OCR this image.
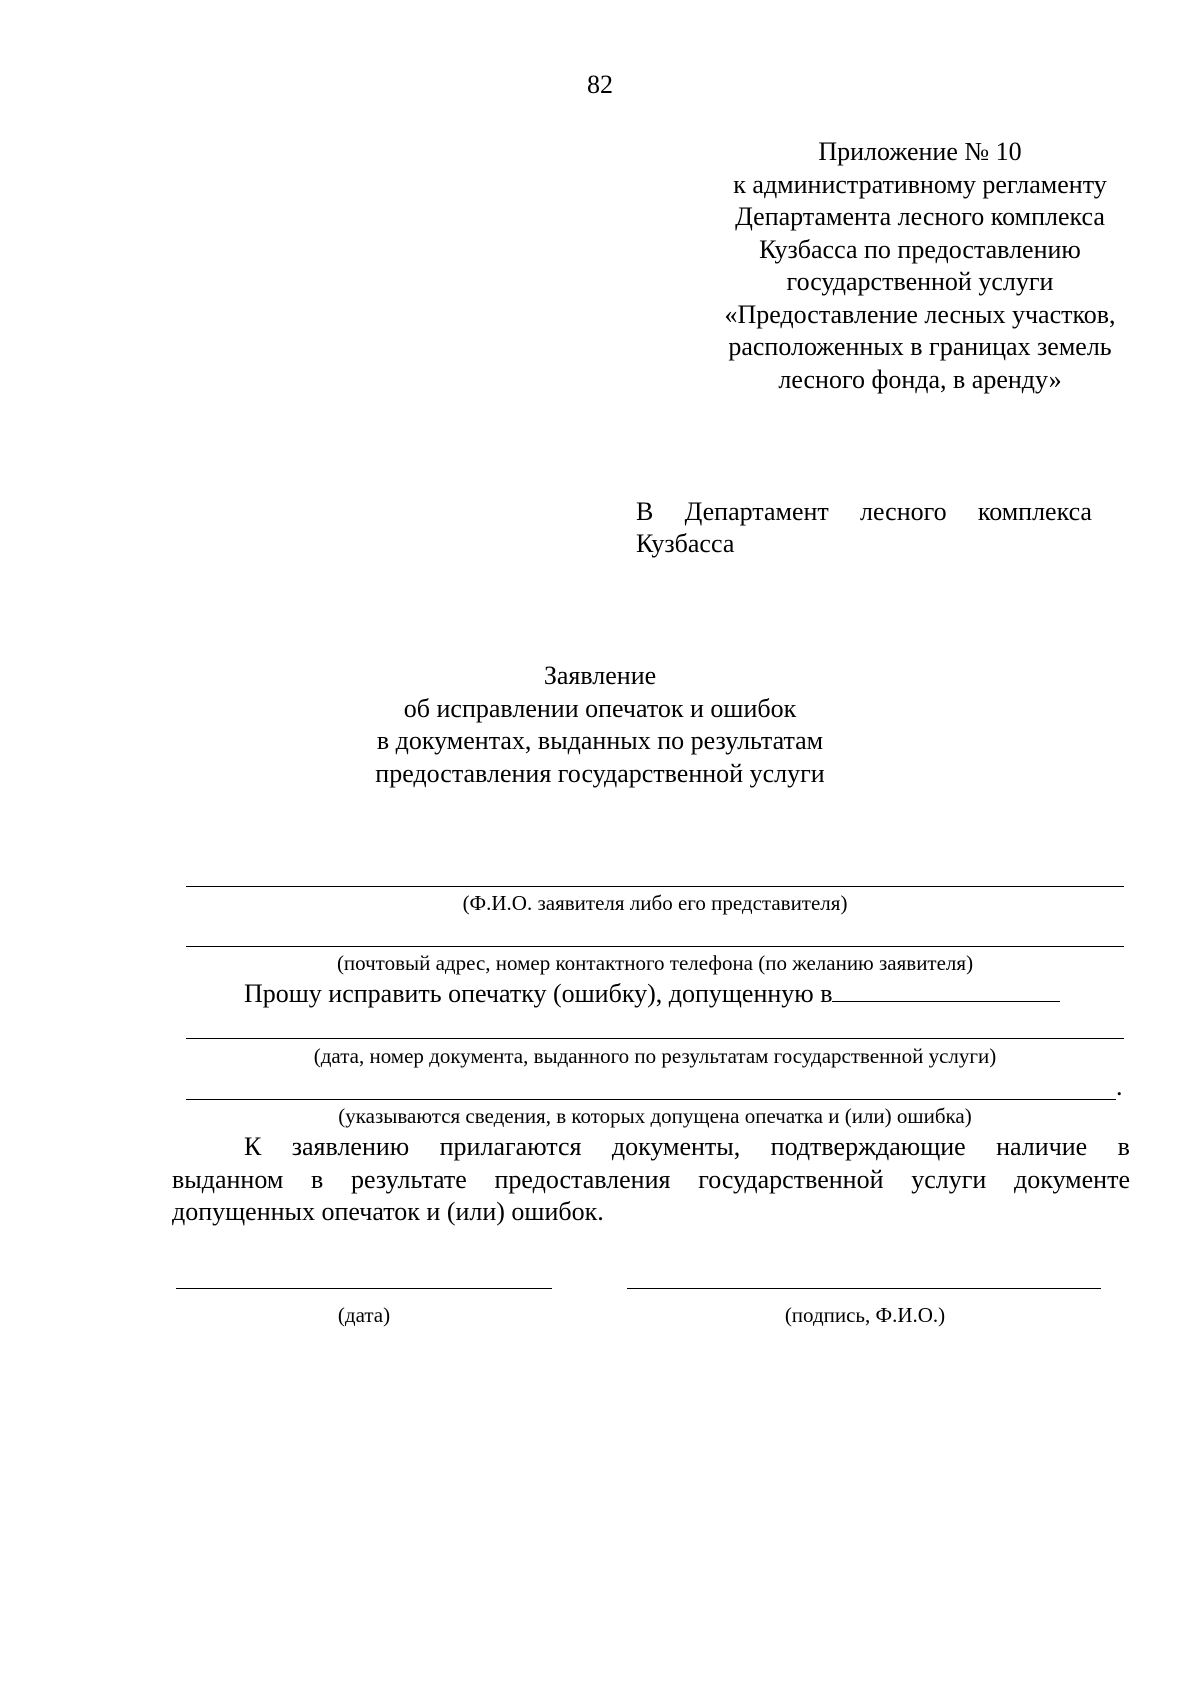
82
Приложение № 10
к административному регламенту
Департамента лесного комплекса
Кузбасса по предоставлению
государственной услуги
«Предоставление лесных участков,
расположенных в границах земель
лесного фонда, в аренду»
В Департамент лесного комплекса
Кузбасса
Заявление
об исправлении опечаток и ошибок
в документах, выданных по результатам
предоставления государственной услуги
(Ф.И.О. заявителя либо его представителя)
(почтовый адрес, номер контактного телефона (по желанию заявителя)
Прошу исправить опечатку (ошибку), допущенную в
(дата, номер документа, выданного по результатам государственной услуги)
.
(указываются сведения, в которых допущена опечатка и (или) ошибка)
К заявлению прилагаются документы, подтверждающие наличие в
выданном в результате предоставления государственной услуги документе
допущенных опечаток и (или) ошибок.
(дата)	(подпись, Ф.И.О.)
